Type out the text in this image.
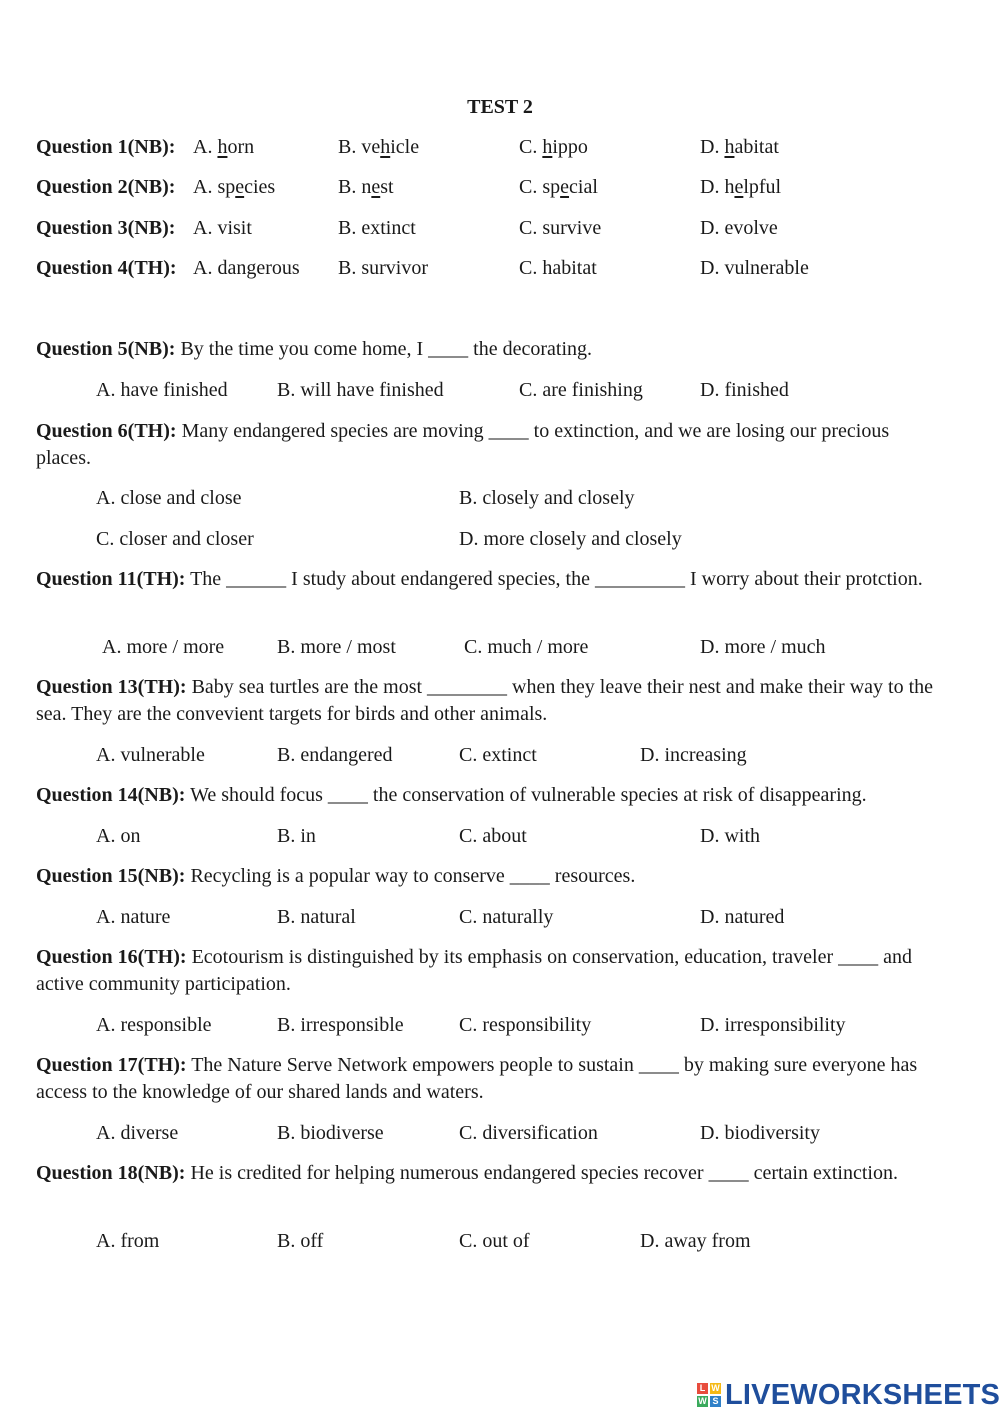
TEST 2
Question 1(NB): A. horn	B. vehicle	C. hippo	D. habitat
Question 2(NB): A. species	B. nest	C. special	D. helpful
Question 3(NB): A. visit	B. extinct	C. survive	D. evolve
Question 4(TH): A. dangerous B. survivor	C. habitat	D. vulnerable
Question 5(NB): By the time you come home, I ____ the decorating.
A. have finished B. will have finished	C. are finishing	D. finished
Question 6(TH): Many endangered species are moving ____ to extinction, and we are losing our precious places.
A. close and close	B. closely and closely
C. closer and closer	D. more closely and closely
Question 11(TH): The ______ I study about endangered species, the _________ I worry about their protction.
A. more / more	B. more / most	C. much / more	D. more / much
Question 13(TH): Baby sea turtles are the most ________ when they leave their nest and make their way to the sea. They are the convevient targets for birds and other animals.
A. vulnerable	B. endangered	C. extinct	D. increasing
Question 14(NB): We should focus ____ the conservation of vulnerable species at risk of disappearing.
A. on	B. in	C. about	D. with
Question 15(NB): Recycling is a popular way to conserve ____ resources.
A. nature	B. natural	C. naturally	D. natured
Question 16(TH): Ecotourism is distinguished by its emphasis on conservation, education, traveler ____ and active community participation.
A. responsible	B. irresponsible	C. responsibility	D. irresponsibility
Question 17(TH): The Nature Serve Network empowers people to sustain ____ by making sure everyone has access to the knowledge of our shared lands and waters.
A. diverse	B. biodiverse	C. diversification	D. biodiversity
Question 18(NB): He is credited for helping numerous endangered species recover ____ certain extinction.
A. from	B. off	C. out of	D. away from
L W
W S LIVEWORKSHEETS
